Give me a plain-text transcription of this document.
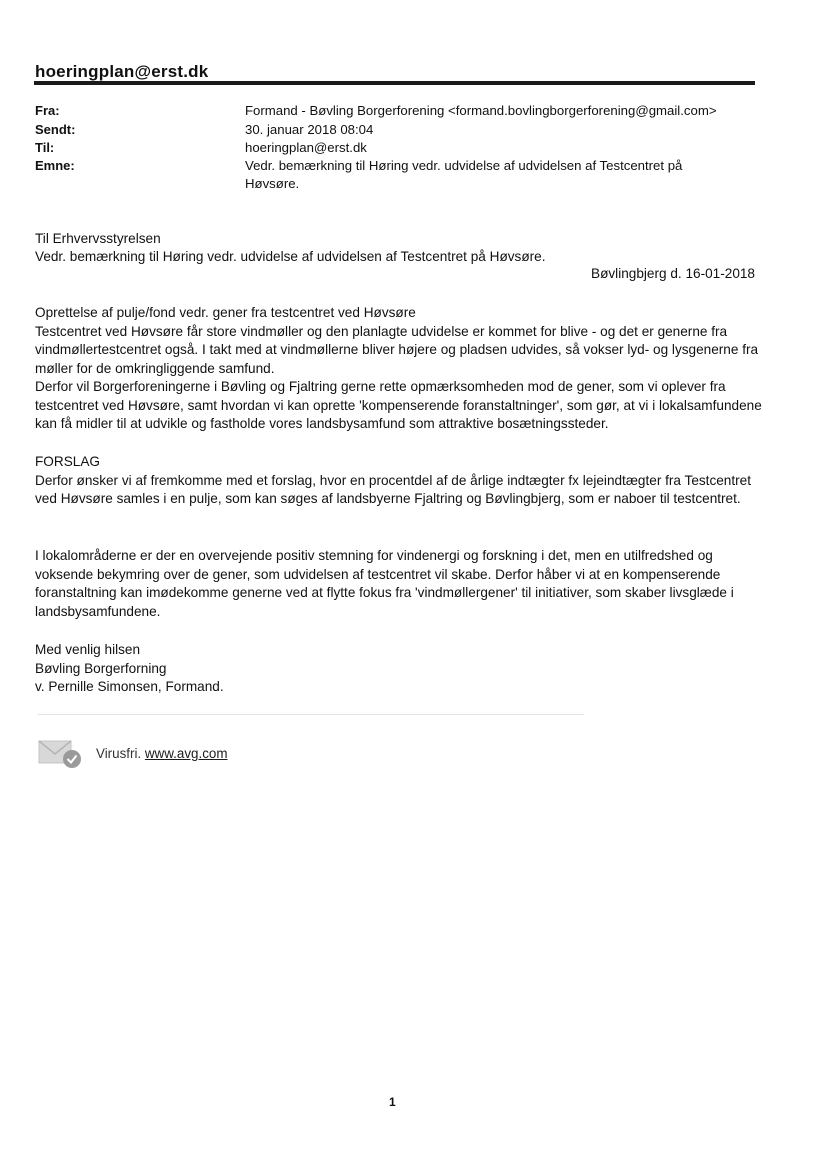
hoeringplan@erst.dk
Fra:	Formand - Bøvling Borgerforening <formand.bovlingborgerforening@gmail.com>
Sendt:	30. januar 2018 08:04
Til:	hoeringplan@erst.dk
Emne:	Vedr. bemærkning til Høring vedr. udvidelse af udvidelsen af Testcentret på Høvsøre.
Til Erhvervsstyrelsen
Vedr. bemærkning til Høring vedr. udvidelse af udvidelsen af Testcentret på Høvsøre.
Bøvlingbjerg d. 16-01-2018

Oprettelse af pulje/fond vedr. gener fra testcentret ved Høvsøre

Testcentret ved Høvsøre får store vindmøller og den planlagte udvidelse er kommet for blive - og det er generne fra vindmøllertestcentret også. I takt med at vindmøllerne bliver højere og pladsen udvides, så vokser lyd- og lysgenerne fra møller for de omkringliggende samfund.

Derfor vil Borgerforeningerne i Bøvling og Fjaltring gerne rette opmærksomheden mod de gener, som vi oplever fra testcentret ved Høvsøre, samt hvordan vi kan oprette 'kompenserende foranstaltninger', som gør, at vi i lokalsamfundene kan få midler til at udvikle og fastholde vores landsbysamfund som attraktive bosætningssteder.

FORSLAG

Derfor ønsker vi af fremkomme med et forslag, hvor en procentdel af de årlige indtægter fx lejeindtægter fra Testcentret ved Høvsøre samles i en pulje, som kan søges af landsbyerne Fjaltring og Bøvlingbjerg, som er naboer til testcentret.

I lokalområderne er der en overvejende positiv stemning for vindenergi og forskning i det, men en utilfredshed og voksende bekymring over de gener, som udvidelsen af testcentret vil skabe. Derfor håber vi at en kompenserende foranstaltning kan imødekomme generne ved at flytte fokus fra 'vindmøllergener' til initiativer, som skaber livsglæde i landsbysamfundene.

Med venlig hilsen

Bøvling Borgerforning

v. Pernille Simonsen, Formand.

Virusfri. www.avg.com
1
